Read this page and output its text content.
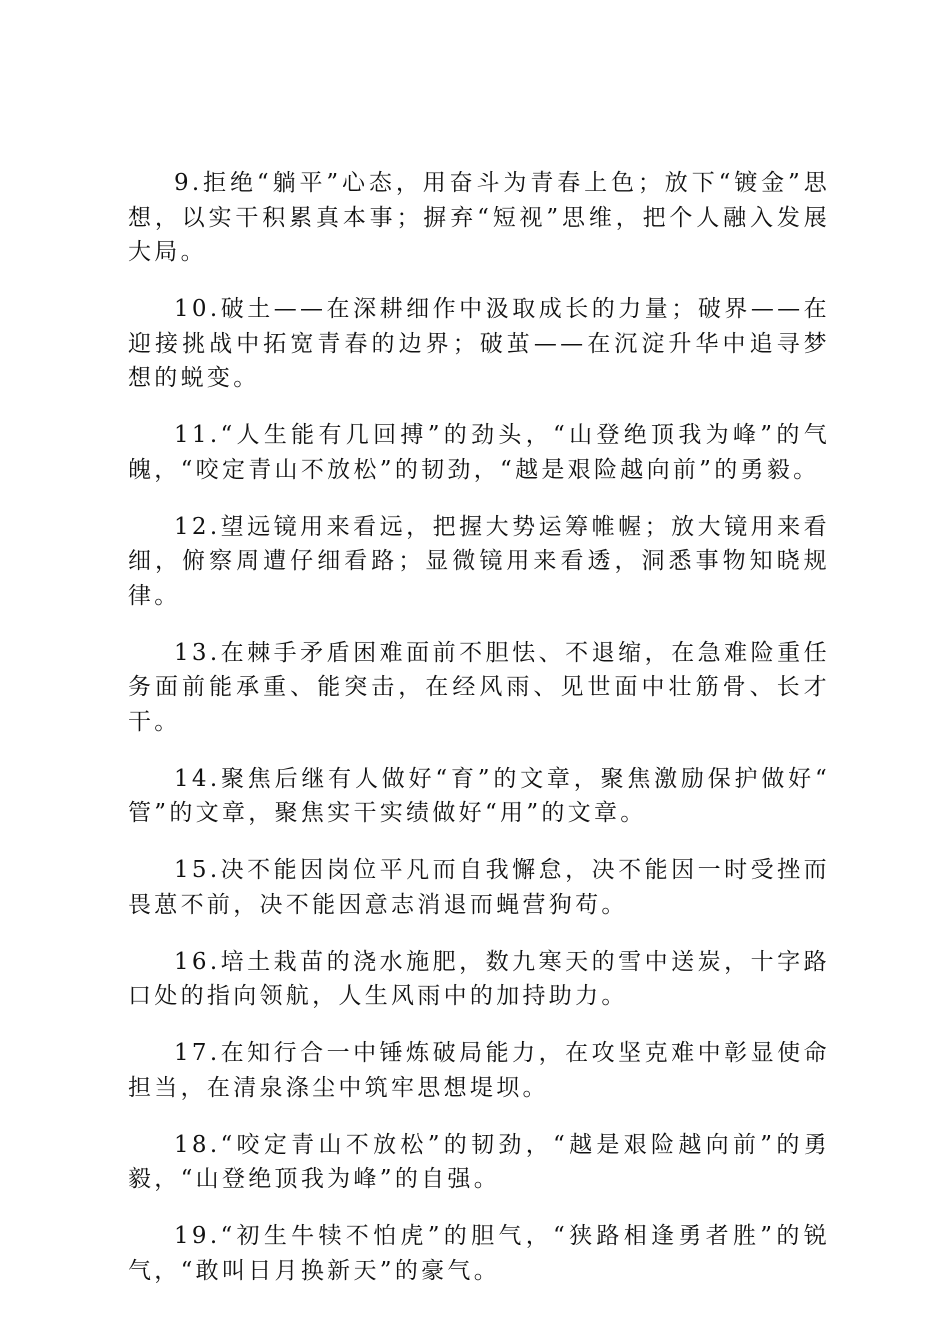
9.拒绝“躺平”心态，用奋斗为青春上色；放下“镀金”思想，以实干积累真本事；摒弃“短视”思维，把个人融入发展大局。

10.破土——在深耕细作中汲取成长的力量；破界——在迎接挑战中拓宽青春的边界；破茧——在沉淀升华中追寻梦想的蜕变。

11.“人生能有几回搏”的劲头，“山登绝顶我为峰”的气魄，“咬定青山不放松”的韧劲，“越是艰险越向前”的勇毅。

12.望远镜用来看远，把握大势运筹帷幄；放大镜用来看细，俯察周遭仔细看路；显微镜用来看透，洞悉事物知晓规律。

13.在棘手矛盾困难面前不胆怯、不退缩，在急难险重任务面前能承重、能突击，在经风雨、见世面中壮筋骨、长才干。

14.聚焦后继有人做好“育”的文章，聚焦激励保护做好“管”的文章，聚焦实干实绩做好“用”的文章。

15.决不能因岗位平凡而自我懈怠，决不能因一时受挫而畏葸不前，决不能因意志消退而蝇营狗苟。

16.培土栽苗的浇水施肥，数九寒天的雪中送炭，十字路口处的指向领航，人生风雨中的加持助力。

17.在知行合一中锤炼破局能力，在攻坚克难中彰显使命担当，在清泉涤尘中筑牢思想堤坝。

18.“咬定青山不放松”的韧劲，“越是艰险越向前”的勇毅，“山登绝顶我为峰”的自强。

19.“初生牛犊不怕虎”的胆气，“狭路相逢勇者胜”的锐气，“敢叫日月换新天”的豪气。
